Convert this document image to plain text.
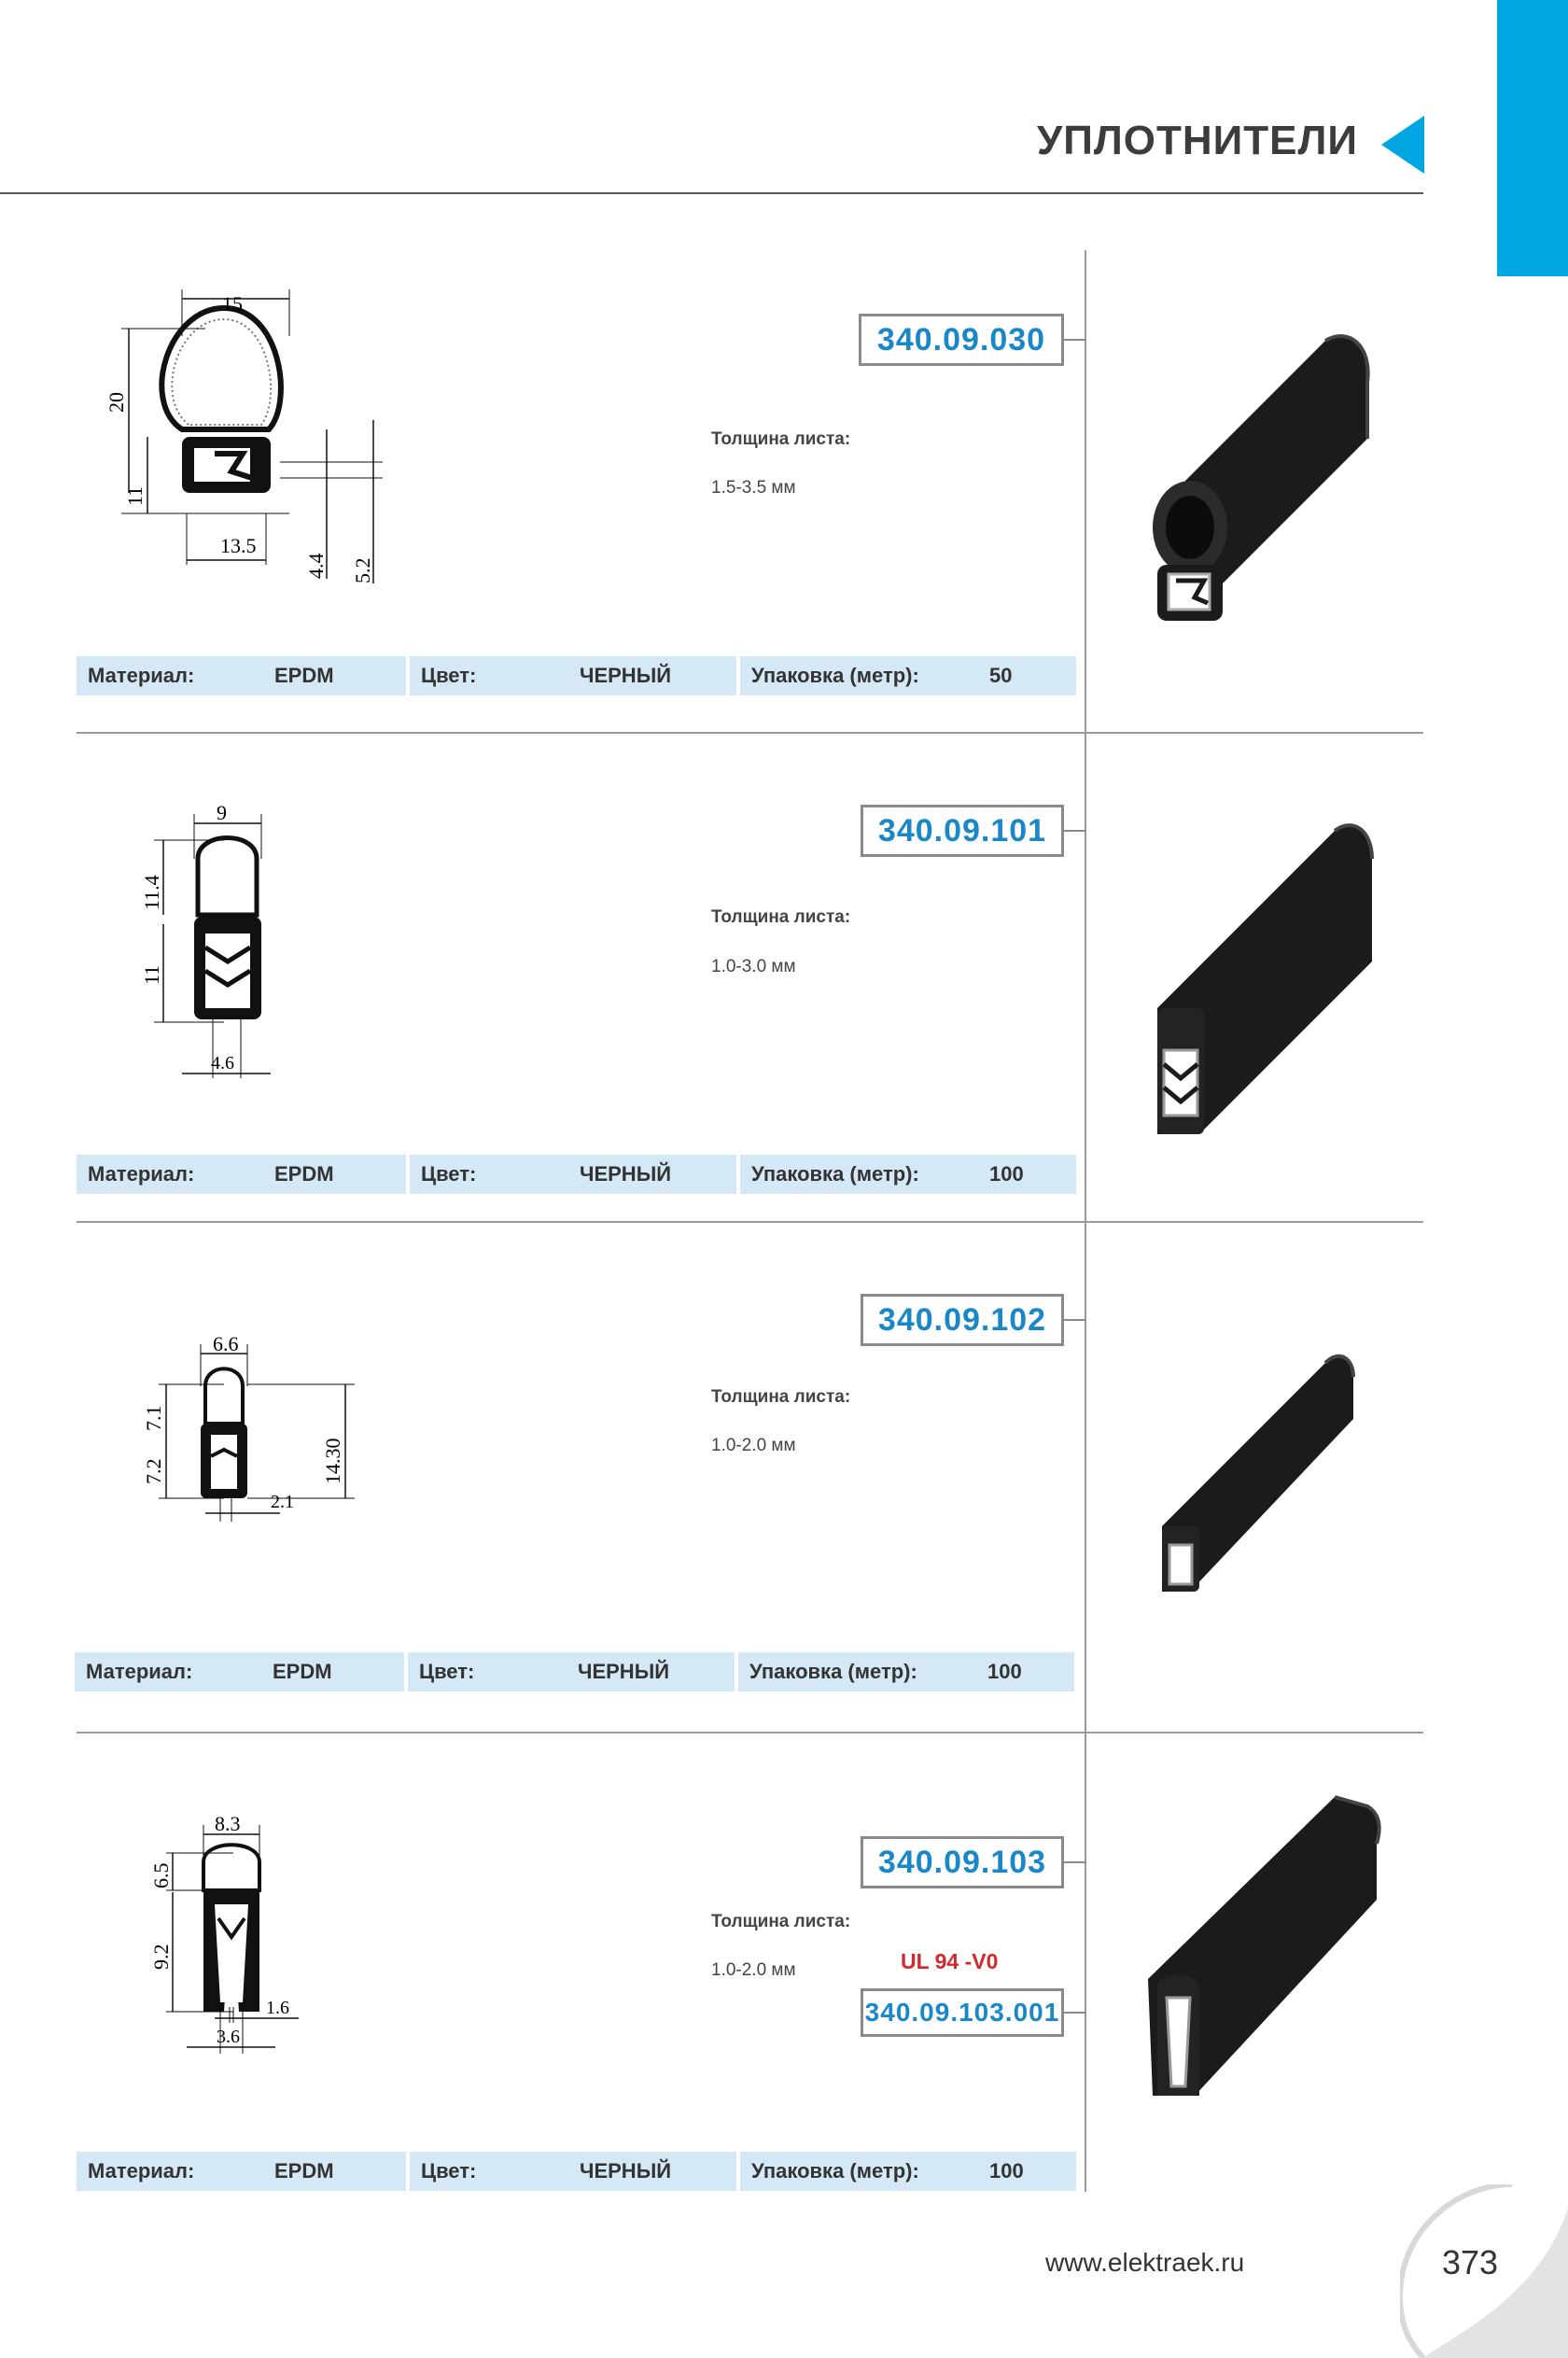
УПЛОТНИТЕЛИ
15
20
11
13.5
4.4 5.2
340.09.030
Толщина листа:
1.5-3.5 мм
Материал:	EPDM	Цвет:	ЧЕРНЫЙ	Упаковка (метр):	50
9
11.4
11
4.6
340.09.101
Толщина листа:
1.0-3.0 мм
Материал:	EPDM	Цвет:	ЧЕРНЫЙ	Упаковка (метр):	100
6.6
7.1
7.2	14.30
2.1
340.09.102
Толщина листа:
1.0-2.0 мм
Материал:	EPDM	Цвет:	ЧЕРНЫЙ	Упаковка (метр):	100
8.3
6.5
9.2
1.6
3.6
340.09.103
Толщина листа:
1.0-2.0 мм	UL 94 -V0
340.09.103.001
Материал:	EPDM	Цвет:	ЧЕРНЫЙ	Упаковка (метр):	100
www.elektraek.ru	373
